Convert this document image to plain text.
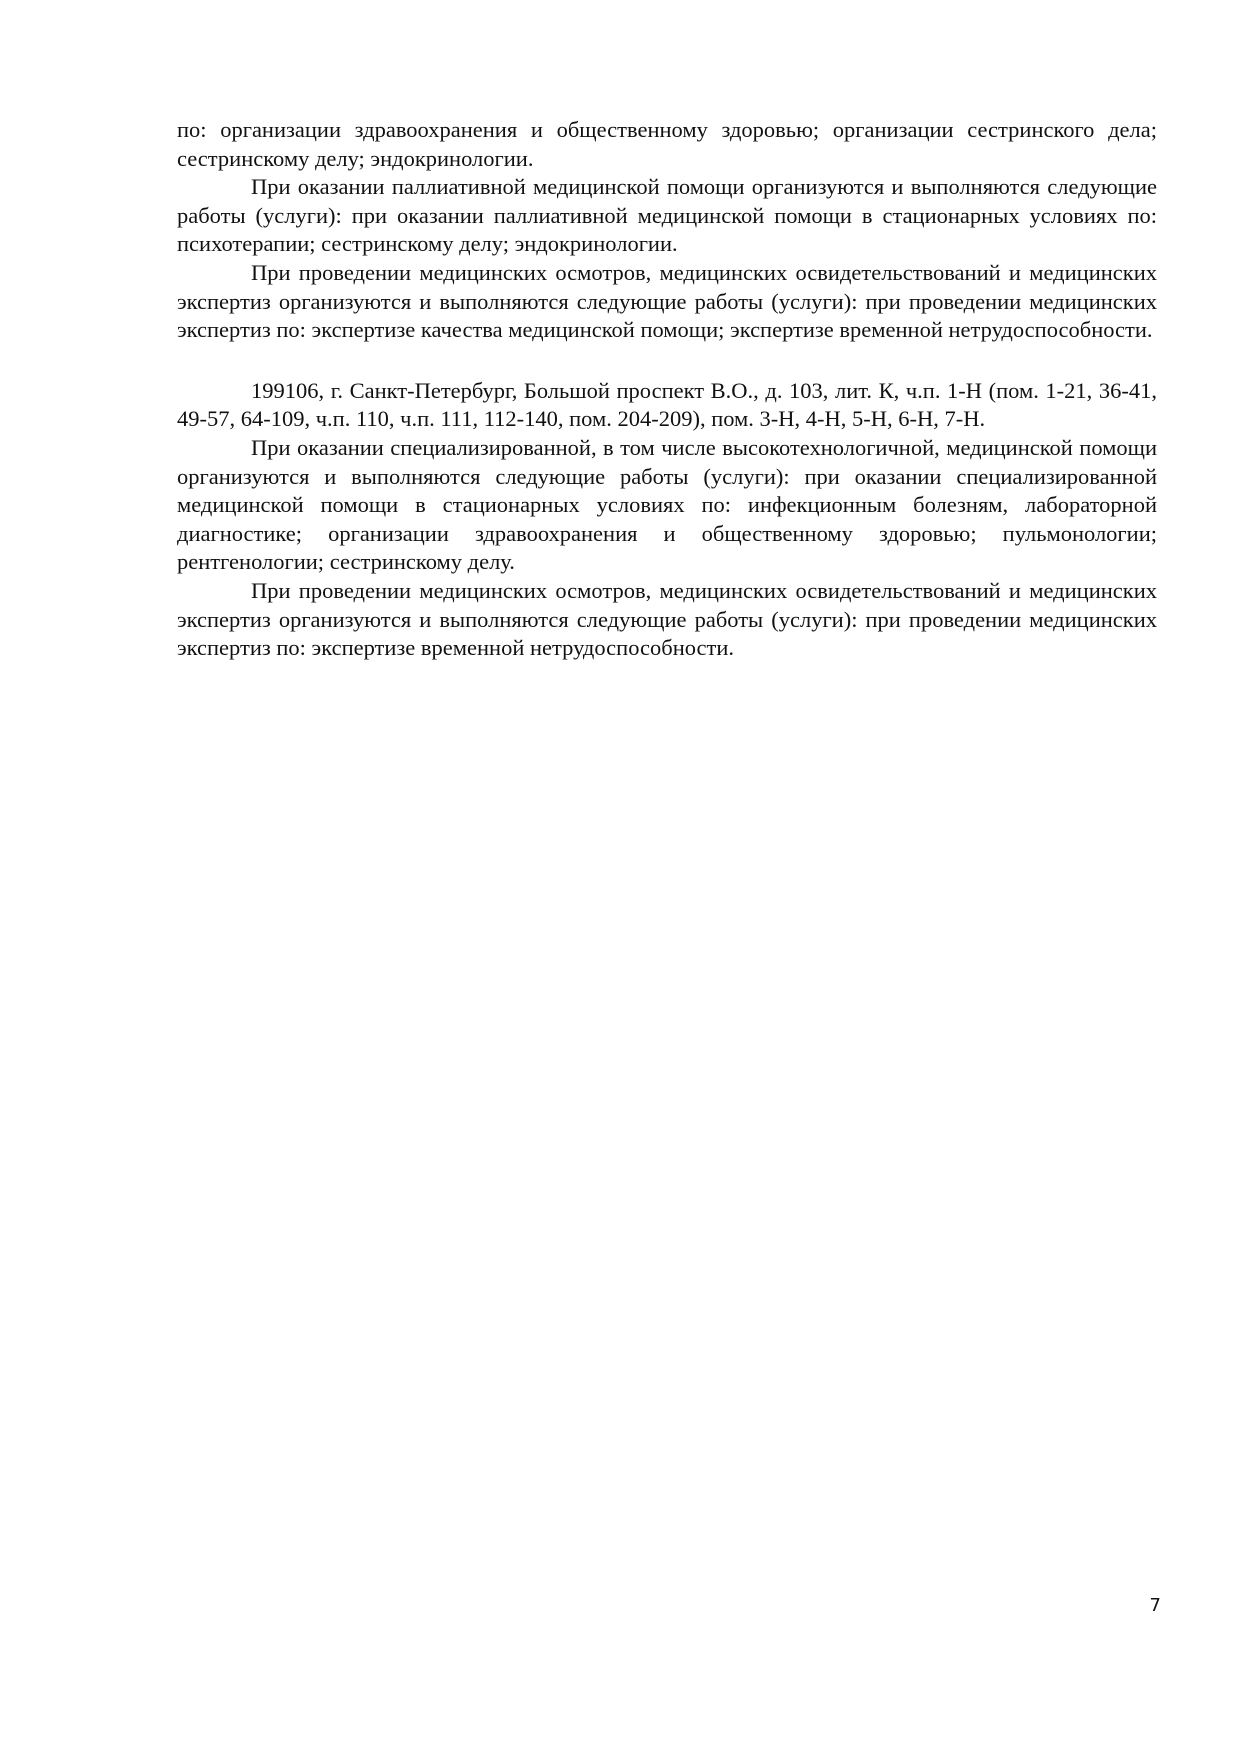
по: организации здравоохранения и общественному здоровью; организации сестринского дела; сестринскому делу; эндокринологии.

При оказании паллиативной медицинской помощи организуются и выполняются следующие работы (услуги): при оказании паллиативной медицинской помощи в стационарных условиях по: психотерапии; сестринскому делу; эндокринологии.

При проведении медицинских осмотров, медицинских освидетельствований и медицинских экспертиз организуются и выполняются следующие работы (услуги): при проведении медицинских экспертиз по: экспертизе качества медицинской помощи; экспертизе временной нетрудоспособности.

199106, г. Санкт-Петербург, Большой проспект В.О., д. 103, лит. К, ч.п. 1-Н (пом. 1-21, 36-41, 49-57, 64-109, ч.п. 110, ч.п. 111, 112-140, пом. 204-209), пом. 3-Н, 4-Н, 5-Н, 6-Н, 7-Н.

При оказании специализированной, в том числе высокотехнологичной, медицинской помощи организуются и выполняются следующие работы (услуги): при оказании специализированной медицинской помощи в стационарных условиях по: инфекционным болезням, лабораторной диагностике; организации здравоохранения и общественному здоровью; пульмонологии; рентгенологии; сестринскому делу.

При проведении медицинских осмотров, медицинских освидетельствований и медицинских экспертиз организуются и выполняются следующие работы (услуги): при проведении медицинских экспертиз по: экспертизе временной нетрудоспособности.

7
